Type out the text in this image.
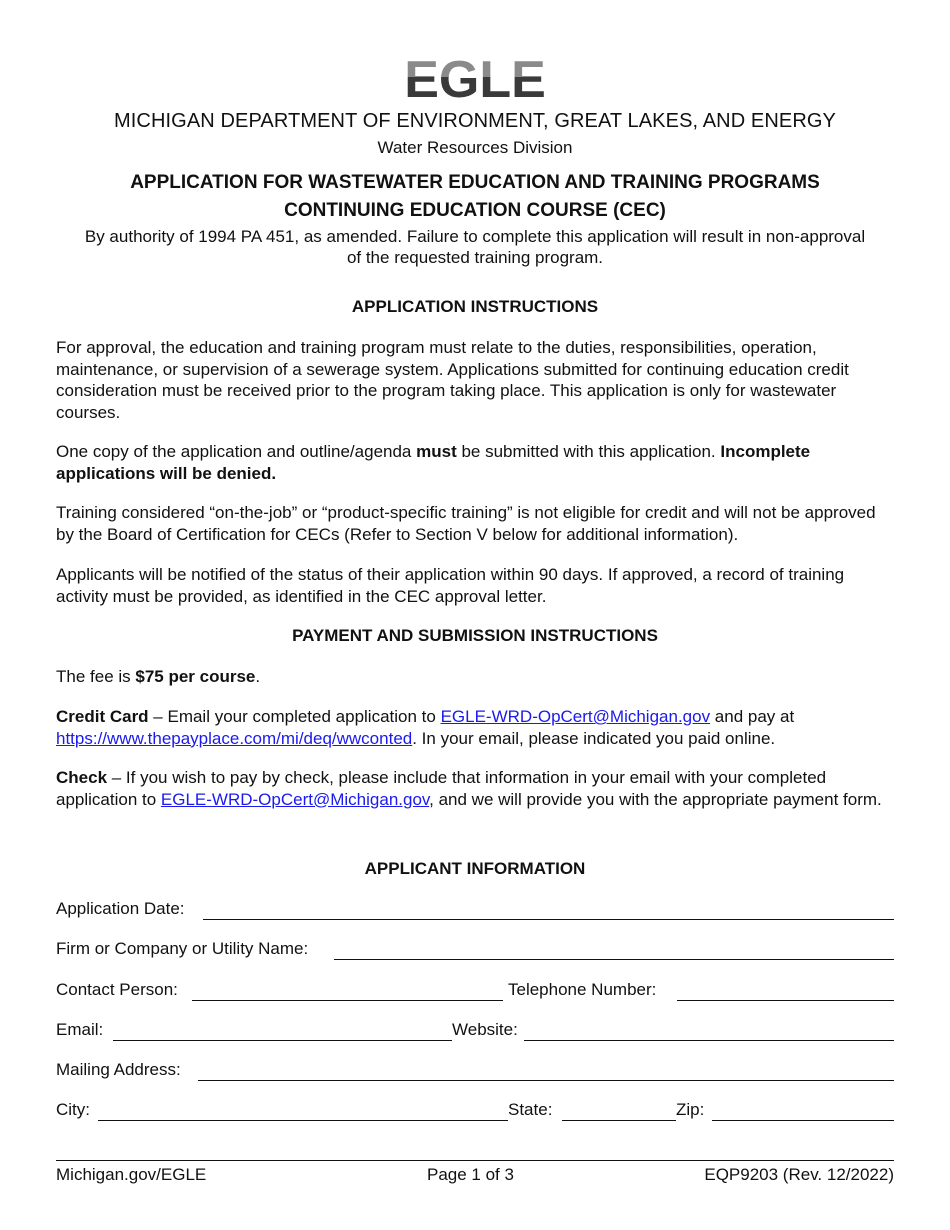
EGLE
MICHIGAN DEPARTMENT OF ENVIRONMENT, GREAT LAKES, AND ENERGY
Water Resources Division
APPLICATION FOR WASTEWATER EDUCATION AND TRAINING PROGRAMS
CONTINUING EDUCATION COURSE (CEC)
By authority of 1994 PA 451, as amended. Failure to complete this application will result in non-approval of the requested training program.
APPLICATION INSTRUCTIONS
For approval, the education and training program must relate to the duties, responsibilities, operation, maintenance, or supervision of a sewerage system. Applications submitted for continuing education credit consideration must be received prior to the program taking place. This application is only for wastewater courses.
One copy of the application and outline/agenda must be submitted with this application. Incomplete applications will be denied.
Training considered “on-the-job” or “product-specific training” is not eligible for credit and will not be approved by the Board of Certification for CECs (Refer to Section V below for additional information).
Applicants will be notified of the status of their application within 90 days. If approved, a record of training activity must be provided, as identified in the CEC approval letter.
PAYMENT AND SUBMISSION INSTRUCTIONS
The fee is $75 per course.
Credit Card – Email your completed application to EGLE-WRD-OpCert@Michigan.gov and pay at https://www.thepayplace.com/mi/deq/wwconted. In your email, please indicated you paid online.
Check – If you wish to pay by check, please include that information in your email with your completed application to EGLE-WRD-OpCert@Michigan.gov, and we will provide you with the appropriate payment form.
APPLICANT INFORMATION
Application Date:
Firm or Company or Utility Name:
Contact Person:	Telephone Number:
Email:	Website:
Mailing Address:
City:	State:	Zip:
Michigan.gov/EGLE	Page 1 of 3	EQP9203 (Rev. 12/2022)
